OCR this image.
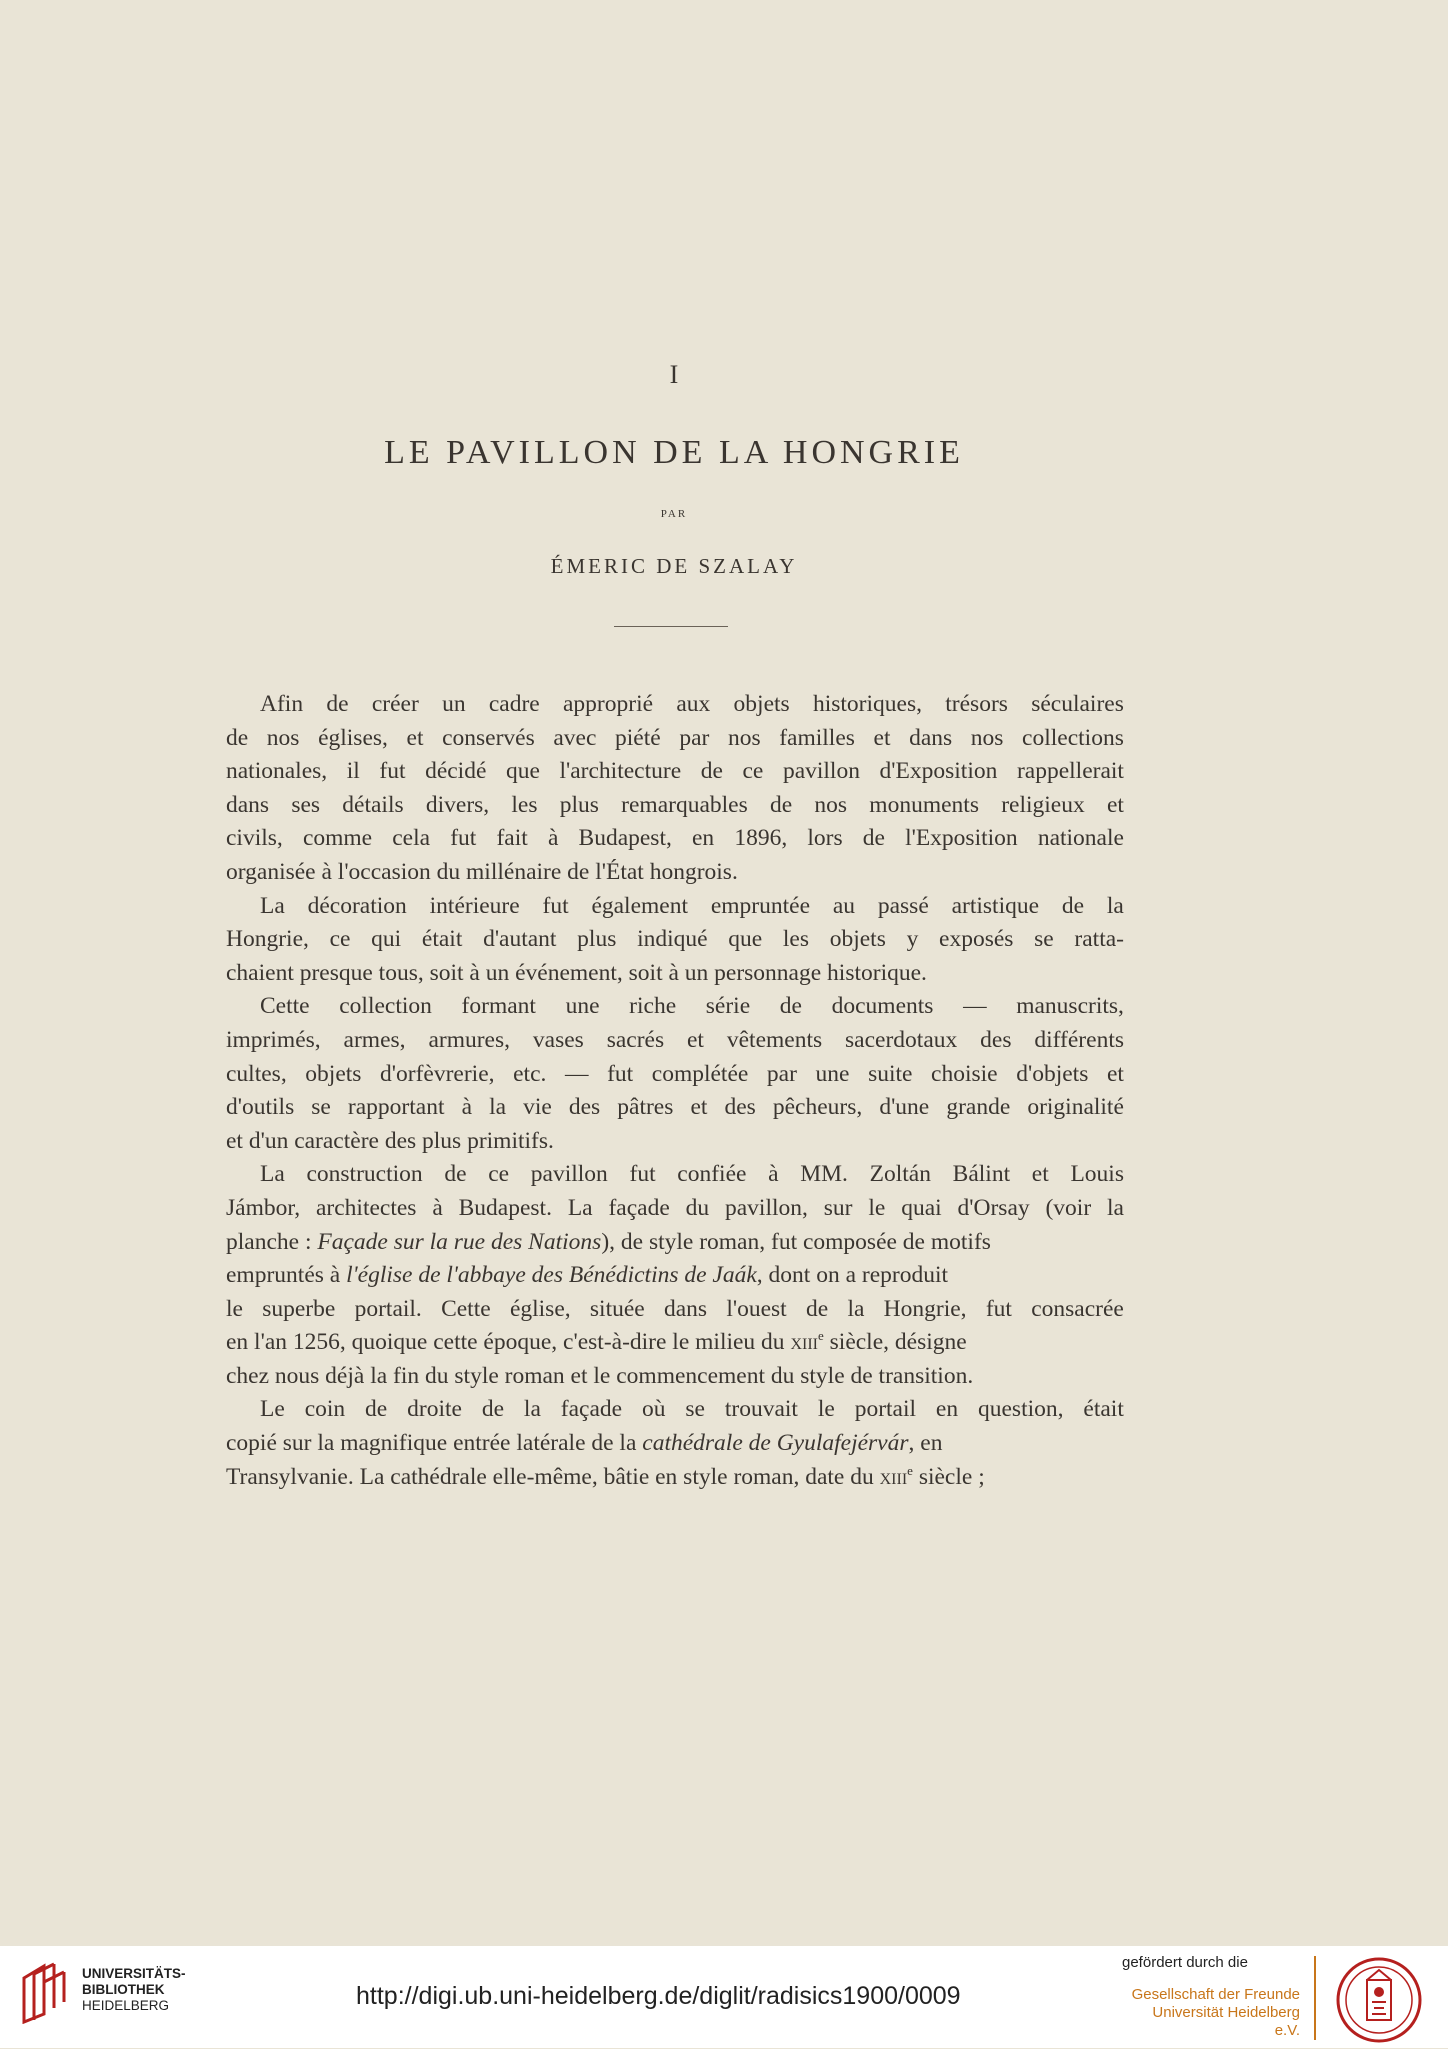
I
LE PAVILLON DE LA HONGRIE
PAR
ÉMERIC DE SZALAY
Afin de créer un cadre approprié aux objets historiques, trésors séculaires
de nos églises, et conservés avec piété par nos familles et dans nos collections
nationales, il fut décidé que l'architecture de ce pavillon d'Exposition rappellerait
dans ses détails divers, les plus remarquables de nos monuments religieux et
civils, comme cela fut fait à Budapest, en 1896, lors de l'Exposition nationale
organisée à l'occasion du millénaire de l'État hongrois.
La décoration intérieure fut également empruntée au passé artistique de la
Hongrie, ce qui était d'autant plus indiqué que les objets y exposés se ratta-
chaient presque tous, soit à un événement, soit à un personnage historique.
Cette collection formant une riche série de documents — manuscrits,
imprimés, armes, armures, vases sacrés et vêtements sacerdotaux des différents
cultes, objets d'orfèvrerie, etc. — fut complétée par une suite choisie d'objets et
d'outils se rapportant à la vie des pâtres et des pêcheurs, d'une grande originalité
et d'un caractère des plus primitifs.
La construction de ce pavillon fut confiée à MM. Zoltán Bálint et Louis
Jámbor, architectes à Budapest. La façade du pavillon, sur le quai d'Orsay (voir la
planche : Façade sur la rue des Nations), de style roman, fut composée de motifs
empruntés à l'église de l'abbaye des Bénédictins de Jaák, dont on a reproduit
le superbe portail. Cette église, située dans l'ouest de la Hongrie, fut consacrée
en l'an 1256, quoique cette époque, c'est-à-dire le milieu du xiii$^e$ siècle, désigne
chez nous déjà la fin du style roman et le commencement du style de transition.
Le coin de droite de la façade où se trouvait le portail en question, était
copié sur la magnifique entrée latérale de la cathédrale de Gyulafejérvár, en
Transylvanie. La cathédrale elle-même, bâtie en style roman, date du xiii$^e$ siècle ;
UNIVERSITÄTS-
BIBLIOTHEK
HEIDELBERG	http://digi.ub.uni-heidelberg.de/diglit/radisics1900/0009
gefördert durch die
Gesellschaft der Freunde
Universität Heidelberg e.V.
